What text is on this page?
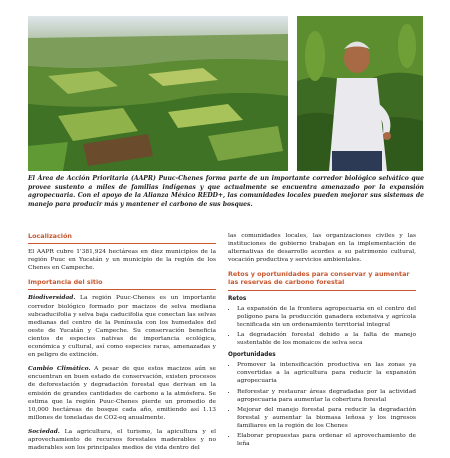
El Área de Acción Prioritaria (AAPR) Puuc-Chenes forma parte de un importante corredor biológico selvático que provee sustento a miles de familias indígenas y que actualmente se encuentra amenazado por la expansión agropecuaria. Con el apoyo de la Alianza México REDD+, las comunidades locales pueden mejorar sus sistemas de manejo para producir más y mantener el carbono de sus bosques.

Localización

El AAPR cubre 1'381,924 hectáreas en diez municipios de la región Puuc en Yucatán y un municipio de la región de los Chenes en Campeche.

Importancia del sitio

Biodiversidad. La región Puuc-Chenes es un importante corredor biológico formado por macizos de selva mediana subcaducifolia y selva baja caducifolia que conectan las selvas medianas del centro de la Península con los humedales del oeste de Yucatán y Campeche. Su conservación beneficia cientos de especies nativas de importancia ecológica, económica y cultural, así como especies raras, amenazadas y en peligro de extinción.

Cambio Climático. A pesar de que estos macizos aún se encuentran en buen estado de conservación, existen procesos de deforestación y degradación forestal que derivan en la emisión de grandes cantidades de carbono a la atmósfera. Se estima que la región Puuc-Chenes pierde un promedio de 10,000 hectáreas de bosque cada año, emitiendo así 1.13 millones de toneladas de CO2-eq anualmente.

Sociedad. La agricultura, el turismo, la apicultura y el aprovechamiento de recursos forestales maderables y no maderables son los principales medios de vida dentro del

las comunidades locales, las organizaciones civiles y las instituciones de gobierno trabajan en la implementación de alternativas de desarrollo acordes a su patrimonio cultural, vocación productiva y servicios ambientales.

Retos y oportunidades para conservar y aumentar las reservas de carbono forestal
Retos
• La expansión de la frontera agropecuaria en el centro del polígono para la producción ganadera extensiva y agrícola tecnificada sin un ordenamiento territorial integral
• La degradación forestal debido a la falta de manejo sustentable de los monaicos de selva seca
Oportunidades
• Promover la intensificación productiva en las zonas ya convertidas a la agricultura para reducir la expansión agropecuaria
• Reforestar y restaurar áreas degradadas por la actividad agropecuaria para aumentar la cobertura forestal
• Mejorar del manejo forestal para reducir la degradación forestal y aumentar la biomasa leñosa y los ingresos familiares en la región de los Chenes
• Elaborar propuestas para ordenar el aprovechamiento de leña
